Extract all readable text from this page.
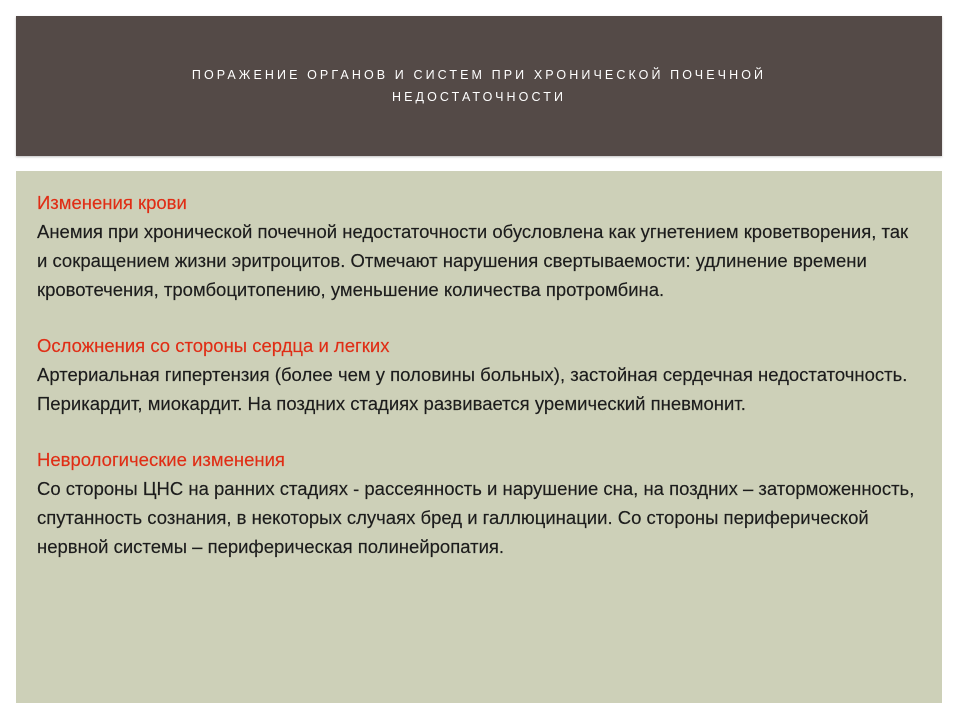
ПОРАЖЕНИЕ ОРГАНОВ И СИСТЕМ ПРИ ХРОНИЧЕСКОЙ ПОЧЕЧНОЙ НЕДОСТАТОЧНОСТИ

Изменения крови

Анемия при хронической почечной недостаточности обусловлена как угнетением кроветворения, так и сокращением жизни эритроцитов. Отмечают нарушения свертываемости: удлинение времени кровотечения, тромбоцитопению, уменьшение количества протромбина.

Осложнения со стороны сердца и легких

Артериальная гипертензия (более чем у половины больных), застойная сердечная недостаточность. Перикардит, миокардит. На поздних стадиях развивается уремический пневмонит.

Неврологические изменения

Со стороны ЦНС на ранних стадиях - рассеянность и нарушение сна, на поздних – заторможенность, спутанность сознания, в некоторых случаях бред и галлюцинации. Со стороны периферической нервной системы – периферическая полинейропатия.
